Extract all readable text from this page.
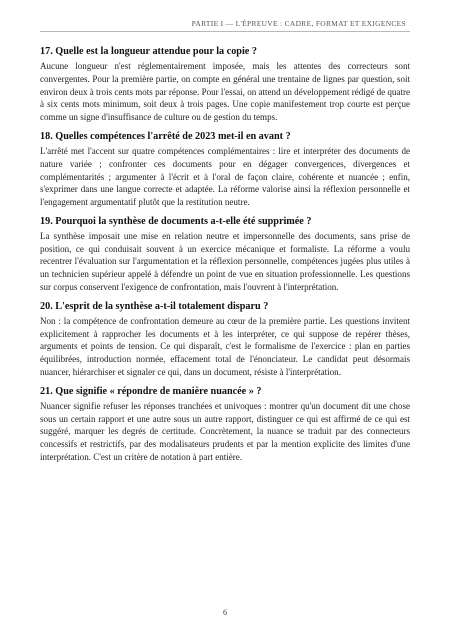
PARTIE I — L'ÉPREUVE : CADRE, FORMAT ET EXIGENCES
17. Quelle est la longueur attendue pour la copie ?

Aucune longueur n'est réglementairement imposée, mais les attentes des correcteurs sont convergentes. Pour la première partie, on compte en général une trentaine de lignes par question, soit environ deux à trois cents mots par réponse. Pour l'essai, on attend un développement rédigé de quatre à six cents mots minimum, soit deux à trois pages. Une copie manifestement trop courte est perçue comme un signe d'insuffisance de culture ou de gestion du temps.

18. Quelles compétences l'arrêté de 2023 met-il en avant ?

L'arrêté met l'accent sur quatre compétences complémentaires : lire et interpréter des documents de nature variée ; confronter ces documents pour en dégager convergences, divergences et complémentarités ; argumenter à l'écrit et à l'oral de façon claire, cohérente et nuancée ; enfin, s'exprimer dans une langue correcte et adaptée. La réforme valorise ainsi la réflexion personnelle et l'engagement argumentatif plutôt que la restitution neutre.

19. Pourquoi la synthèse de documents a-t-elle été supprimée ?

La synthèse imposait une mise en relation neutre et impersonnelle des documents, sans prise de position, ce qui conduisait souvent à un exercice mécanique et formaliste. La réforme a voulu recentrer l'évaluation sur l'argumentation et la réflexion personnelle, compétences jugées plus utiles à un technicien supérieur appelé à défendre un point de vue en situation professionnelle. Les questions sur corpus conservent l'exigence de confrontation, mais l'ouvrent à l'interprétation.

20. L'esprit de la synthèse a-t-il totalement disparu ?

Non : la compétence de confrontation demeure au cœur de la première partie. Les questions invitent explicitement à rapprocher les documents et à les interpréter, ce qui suppose de repérer thèses, arguments et points de tension. Ce qui disparaît, c'est le formalisme de l'exercice : plan en parties équilibrées, introduction normée, effacement total de l'énonciateur. Le candidat peut désormais nuancer, hiérarchiser et signaler ce qui, dans un document, résiste à l'interprétation.

21. Que signifie « répondre de manière nuancée » ?

Nuancer signifie refuser les réponses tranchées et univoques : montrer qu'un document dit une chose sous un certain rapport et une autre sous un autre rapport, distinguer ce qui est affirmé de ce qui est suggéré, marquer les degrés de certitude. Concrètement, la nuance se traduit par des connecteurs concessifs et restrictifs, par des modalisateurs prudents et par la mention explicite des limites d'une interprétation. C'est un critère de notation à part entière.

6
